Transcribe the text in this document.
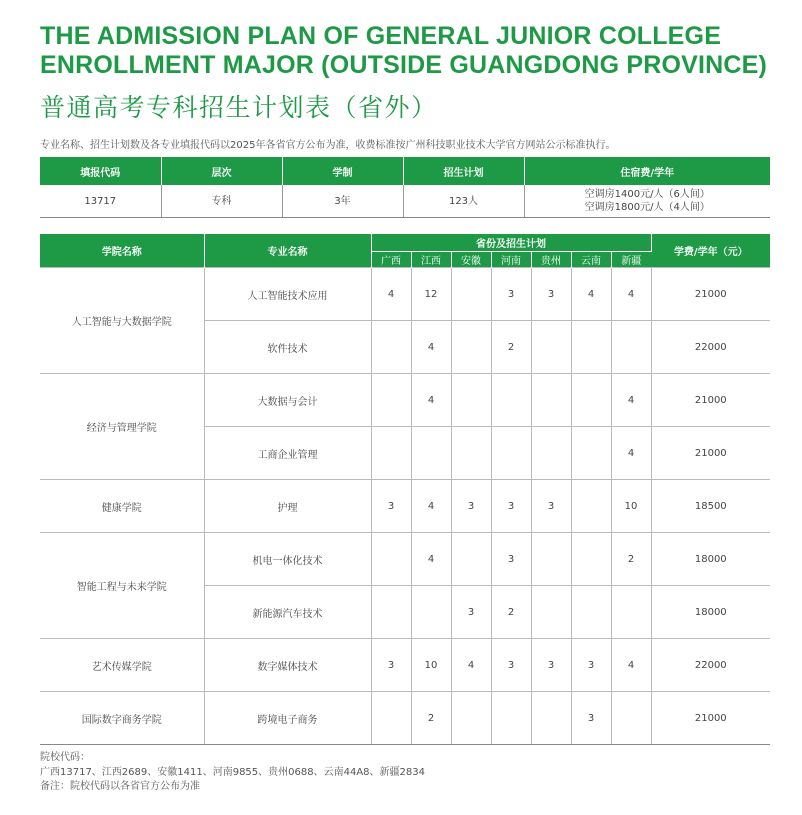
THE ADMISSION PLAN OF GENERAL JUNIOR COLLEGE
ENROLLMENT MAJOR (OUTSIDE GUANGDONG PROVINCE)
普通高考专科招生计划表（省外）
专业名称、招生计划数及各专业填报代码以2025年各省官方公布为准，收费标准按广州科技职业技术大学官方网站公示标准执行。
填报代码	层次	学制	招生计划	住宿费/学年
13717	专科	3年	123人	空调房1400元/人（6人间）
空调房1800元/人（4人间）
学院名称	专业名称	省份及招生计划							学费/学年（元）
		广西	江西	安徽	河南	贵州	云南	新疆	
人工智能与大数据学院	人工智能技术应用	4	12		3	3	4	4	21000
	软件技术		4		2				22000
经济与管理学院	大数据与会计		4					4	21000
	工商企业管理							4	21000
健康学院	护理	3	4	3	3	3		10	18500
智能工程与未来学院	机电一体化技术		4		3			2	18000
	新能源汽车技术			3	2				18000
艺术传媒学院	数字媒体技术	3	10	4	3	3	3	4	22000
国际数字商务学院	跨境电子商务		2				3		21000
院校代码：
广西13717、江西2689、安徽1411、河南9855、贵州0688、云南44A8、新疆2834
备注：院校代码以各省官方公布为准
